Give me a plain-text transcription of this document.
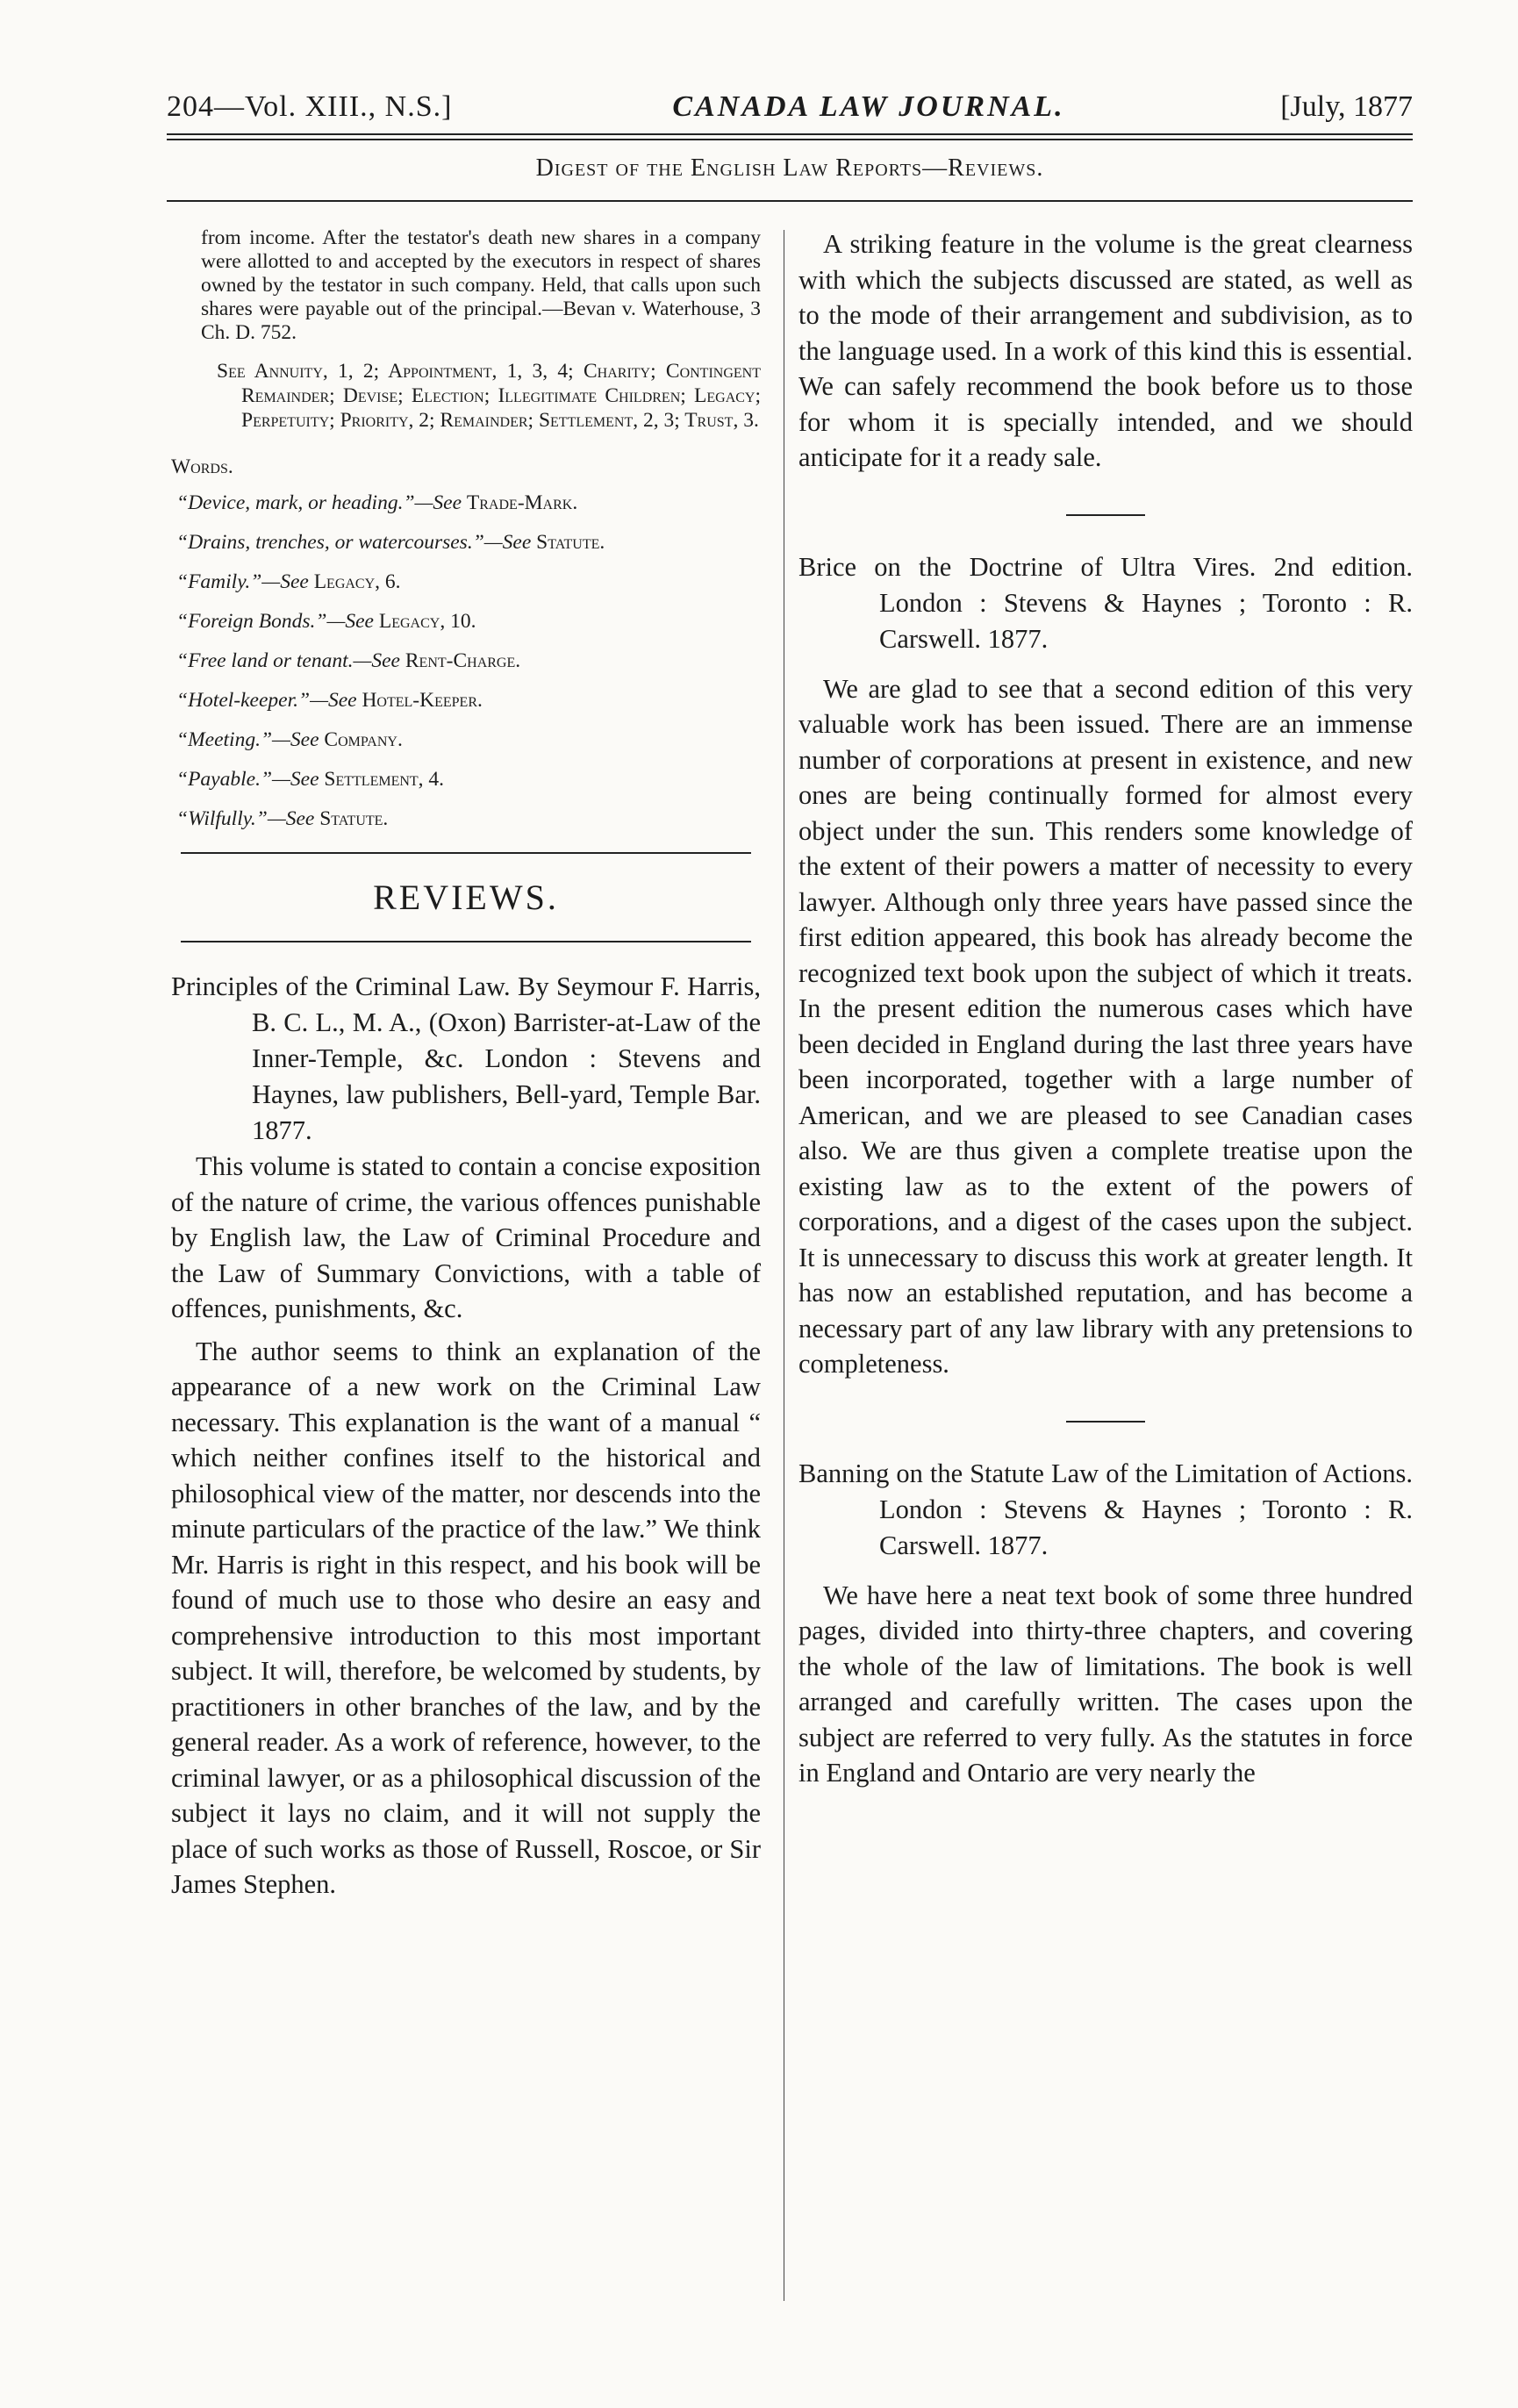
204—Vol. XIII., N.S.]	CANADA LAW JOURNAL.	[July, 1877
Digest of the English Law Reports—Reviews.

from income. After the testator's death new shares in a company were allotted to and accepted by the executors in respect of shares owned by the testator in such company. Held, that calls upon such shares were payable out of the principal.—Bevan v. Waterhouse, 3 Ch. D. 752.

See Annuity, 1, 2; Appointment, 1, 3, 4; Charity; Contingent Remainder; Devise; Election; Illegitimate Children; Legacy; Perpetuity; Priority, 2; Remainder; Settlement, 2, 3; Trust, 3.

Words.
“Device, mark, or heading.”—See Trade-Mark.
“Drains, trenches, or watercourses.”—See Statute.
“Family.”—See Legacy, 6.
“Foreign Bonds.”—See Legacy, 10.
“Free land or tenant.—See Rent-Charge.
“Hotel-keeper.”—See Hotel-Keeper.
“Meeting.”—See Company.
“Payable.”—See Settlement, 4.
“Wilfully.”—See Statute.
REVIEWS.

Principles of the Criminal Law. By Seymour F. Harris, B. C. L., M. A., (Oxon) Barrister-at-Law of the Inner-Temple, &c. London : Stevens and Haynes, law publishers, Bell-yard, Temple Bar. 1877.

This volume is stated to contain a concise exposition of the nature of crime, the various offences punishable by English law, the Law of Criminal Procedure and the Law of Summary Convictions, with a table of offences, punishments, &c.

The author seems to think an explanation of the appearance of a new work on the Criminal Law necessary. This explanation is the want of a manual “ which neither confines itself to the historical and philosophical view of the matter, nor descends into the minute particulars of the practice of the law.” We think Mr. Harris is right in this respect, and his book will be found of much use to those who desire an easy and comprehensive introduction to this most important subject. It will, therefore, be welcomed by students, by practitioners in other branches of the law, and by the general reader. As a work of reference, however, to the criminal lawyer, or as a philosophical discussion of the subject it lays no claim, and it will not supply the place of such works as those of Russell, Roscoe, or Sir James Stephen.

A striking feature in the volume is the great clearness with which the subjects discussed are stated, as well as to the mode of their arrangement and subdivision, as to the language used. In a work of this kind this is essential. We can safely recommend the book before us to those for whom it is specially intended, and we should anticipate for it a ready sale.

Brice on the Doctrine of Ultra Vires. 2nd edition. London : Stevens & Haynes ; Toronto : R. Carswell. 1877.

We are glad to see that a second edition of this very valuable work has been issued. There are an immense number of corporations at present in existence, and new ones are being continually formed for almost every object under the sun. This renders some knowledge of the extent of their powers a matter of necessity to every lawyer. Although only three years have passed since the first edition appeared, this book has already become the recognized text book upon the subject of which it treats. In the present edition the numerous cases which have been decided in England during the last three years have been incorporated, together with a large number of American, and we are pleased to see Canadian cases also. We are thus given a complete treatise upon the existing law as to the extent of the powers of corporations, and a digest of the cases upon the subject. It is unnecessary to discuss this work at greater length. It has now an established reputation, and has become a necessary part of any law library with any pretensions to completeness.

Banning on the Statute Law of the Limitation of Actions. London : Stevens & Haynes ; Toronto : R. Carswell. 1877.

We have here a neat text book of some three hundred pages, divided into thirty-three chapters, and covering the whole of the law of limitations. The book is well arranged and carefully written. The cases upon the subject are referred to very fully. As the statutes in force in England and Ontario are very nearly the
